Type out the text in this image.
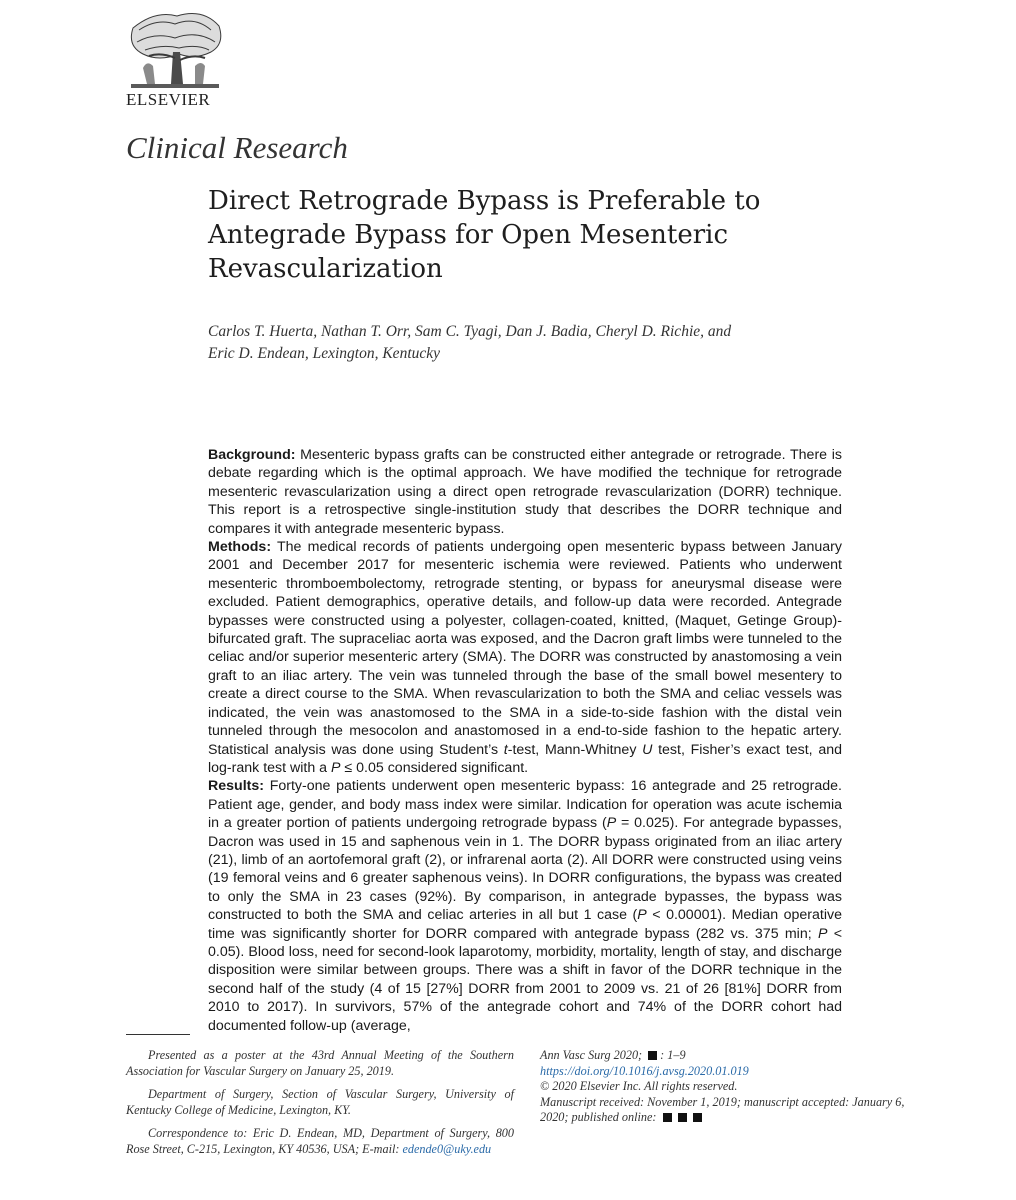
ELSEVIER
Clinical Research
Direct Retrograde Bypass is Preferable to
Antegrade Bypass for Open Mesenteric
Revascularization
Carlos T. Huerta, Nathan T. Orr, Sam C. Tyagi, Dan J. Badia, Cheryl D. Richie, and
Eric D. Endean, Lexington, Kentucky

Background: Mesenteric bypass grafts can be constructed either antegrade or retrograde. There is debate regarding which is the optimal approach. We have modified the technique for retrograde mesenteric revascularization using a direct open retrograde revascularization (DORR) technique. This report is a retrospective single-institution study that describes the DORR technique and compares it with antegrade mesenteric bypass.

Methods: The medical records of patients undergoing open mesenteric bypass between January 2001 and December 2017 for mesenteric ischemia were reviewed. Patients who underwent mesenteric thromboembolectomy, retrograde stenting, or bypass for aneurysmal disease were excluded. Patient demographics, operative details, and follow-up data were recorded. Antegrade bypasses were constructed using a polyester, collagen-coated, knitted, (Maquet, Getinge Group)-bifurcated graft. The supraceliac aorta was exposed, and the Dacron graft limbs were tunneled to the celiac and/or superior mesenteric artery (SMA). The DORR was constructed by anastomosing a vein graft to an iliac artery. The vein was tunneled through the base of the small bowel mesentery to create a direct course to the SMA. When revascularization to both the SMA and celiac vessels was indicated, the vein was anastomosed to the SMA in a side-to-side fashion with the distal vein tunneled through the mesocolon and anastomosed in a end-to-side fashion to the hepatic artery. Statistical analysis was done using Student’s t-test, Mann-Whitney U test, Fisher’s exact test, and log-rank test with a P ≤ 0.05 considered significant.

Results: Forty-one patients underwent open mesenteric bypass: 16 antegrade and 25 retrograde. Patient age, gender, and body mass index were similar. Indication for operation was acute ischemia in a greater portion of patients undergoing retrograde bypass (P = 0.025). For antegrade bypasses, Dacron was used in 15 and saphenous vein in 1. The DORR bypass originated from an iliac artery (21), limb of an aortofemoral graft (2), or infrarenal aorta (2). All DORR were constructed using veins (19 femoral veins and 6 greater saphenous veins). In DORR configurations, the bypass was created to only the SMA in 23 cases (92%). By comparison, in antegrade bypasses, the bypass was constructed to both the SMA and celiac arteries in all but 1 case (P < 0.00001). Median operative time was significantly shorter for DORR compared with antegrade bypass (282 vs. 375 min; P < 0.05). Blood loss, need for second-look laparotomy, morbidity, mortality, length of stay, and discharge disposition were similar between groups. There was a shift in favor of the DORR technique in the second half of the study (4 of 15 [27%] DORR from 2001 to 2009 vs. 21 of 26 [81%] DORR from 2010 to 2017). In survivors, 57% of the antegrade cohort and 74% of the DORR cohort had documented follow-up (average,

Presented as a poster at the 43rd Annual Meeting of the Southern Association for Vascular Surgery on January 25, 2019.

Department of Surgery, Section of Vascular Surgery, University of Kentucky College of Medicine, Lexington, KY.

Correspondence to: Eric D. Endean, MD, Department of Surgery, 800 Rose Street, C-215, Lexington, KY 40536, USA; E-mail: edende0@uky.edu

Ann Vasc Surg 2020; : 1–9

https://doi.org/10.1016/j.avsg.2020.01.019

© 2020 Elsevier Inc. All rights reserved.

Manuscript received: November 1, 2019; manuscript accepted: January 6, 2020; published online:
